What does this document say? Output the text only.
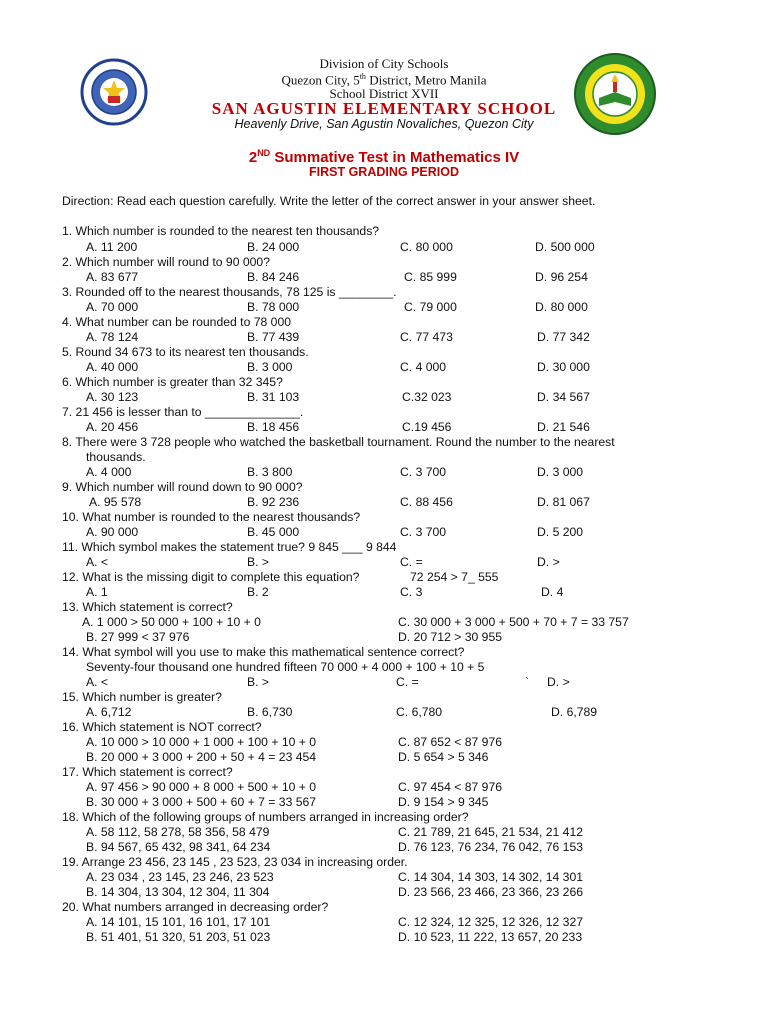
Division of City Schools
Quezon City, 5th District, Metro Manila
School District XVII
SAN AGUSTIN ELEMENTARY SCHOOL
Heavenly Drive, San Agustin Novaliches, Quezon City
2ND Summative Test in Mathematics IV
FIRST GRADING PERIOD
Direction: Read each question carefully. Write the letter of the correct answer in your answer sheet.
1. Which number is rounded to the nearest ten thousands?
A. 11 200	B. 24 000	C. 80 000	D. 500 000
2. Which number will round to 90 000?
A. 83 677	B. 84 246	C. 85 999	D. 96 254
3. Rounded off to the nearest thousands, 78 125 is ________.
A. 70 000	B. 78 000	C. 79 000	D. 80 000
4. What number can be rounded to 78 000
A. 78 124	B. 77 439	C. 77 473	D. 77 342
5. Round 34 673 to its nearest ten thousands.
A. 40 000	B. 3 000	C. 4 000	D. 30 000
6. Which number is greater than 32 345?
A. 30 123	B. 31 103	C.32 023	D. 34 567
7. 21 456 is lesser than to ______________.
A. 20 456	B. 18 456	C.19 456	D. 21 546
8. There were 3 728 people who watched the basketball tournament. Round the number to the nearest
thousands.
A. 4 000	B. 3 800	C. 3 700	D. 3 000
9. Which number will round down to 90 000?
A. 95 578	B. 92 236	C. 88 456	D. 81 067
10. What number is rounded to the nearest thousands?
A. 90 000	B. 45 000	C. 3 700	D. 5 200
11. Which symbol makes the statement true? 9 845 ___ 9 844
A. <	B. >	C. =	D. >
12. What is the missing digit to complete this equation?	72 254 > 7_ 555
A. 1	B. 2	C. 3	D. 4
13. Which statement is correct?
A. 1 000 > 50 000 + 100 + 10 + 0	C. 30 000 + 3 000 + 500 + 70 + 7 = 33 757
B. 27 999 < 37 976	D. 20 712 > 30 955
14. What symbol will you use to make this mathematical sentence correct?
Seventy-four thousand one hundred fifteen 70 000 + 4 000 + 100 + 10 + 5
A. <	B. >	C. =	` D. >
15. Which number is greater?
A. 6,712	B. 6,730	C. 6,780	D. 6,789
16. Which statement is NOT correct?
A. 10 000 > 10 000 + 1 000 + 100 + 10 + 0	C. 87 652 < 87 976
B. 20 000 + 3 000 + 200 + 50 + 4 = 23 454	D. 5 654 > 5 346
17. Which statement is correct?
A. 97 456 > 90 000 + 8 000 + 500 + 10 + 0	C. 97 454 < 87 976
B. 30 000 + 3 000 + 500 + 60 + 7 = 33 567	D. 9 154 > 9 345
18. Which of the following groups of numbers arranged in increasing order?
A. 58 112, 58 278, 58 356, 58 479	C. 21 789, 21 645, 21 534, 21 412
B. 94 567, 65 432, 98 341, 64 234	D. 76 123, 76 234, 76 042, 76 153
19. Arrange 23 456, 23 145 , 23 523, 23 034 in increasing order.
A. 23 034 , 23 145, 23 246, 23 523	C. 14 304, 14 303, 14 302, 14 301
B. 14 304, 13 304, 12 304, 11 304	D. 23 566, 23 466, 23 366, 23 266
20. What numbers arranged in decreasing order?
A. 14 101, 15 101, 16 101, 17 101	C. 12 324, 12 325, 12 326, 12 327
B. 51 401, 51 320, 51 203, 51 023	D. 10 523, 11 222, 13 657, 20 233
